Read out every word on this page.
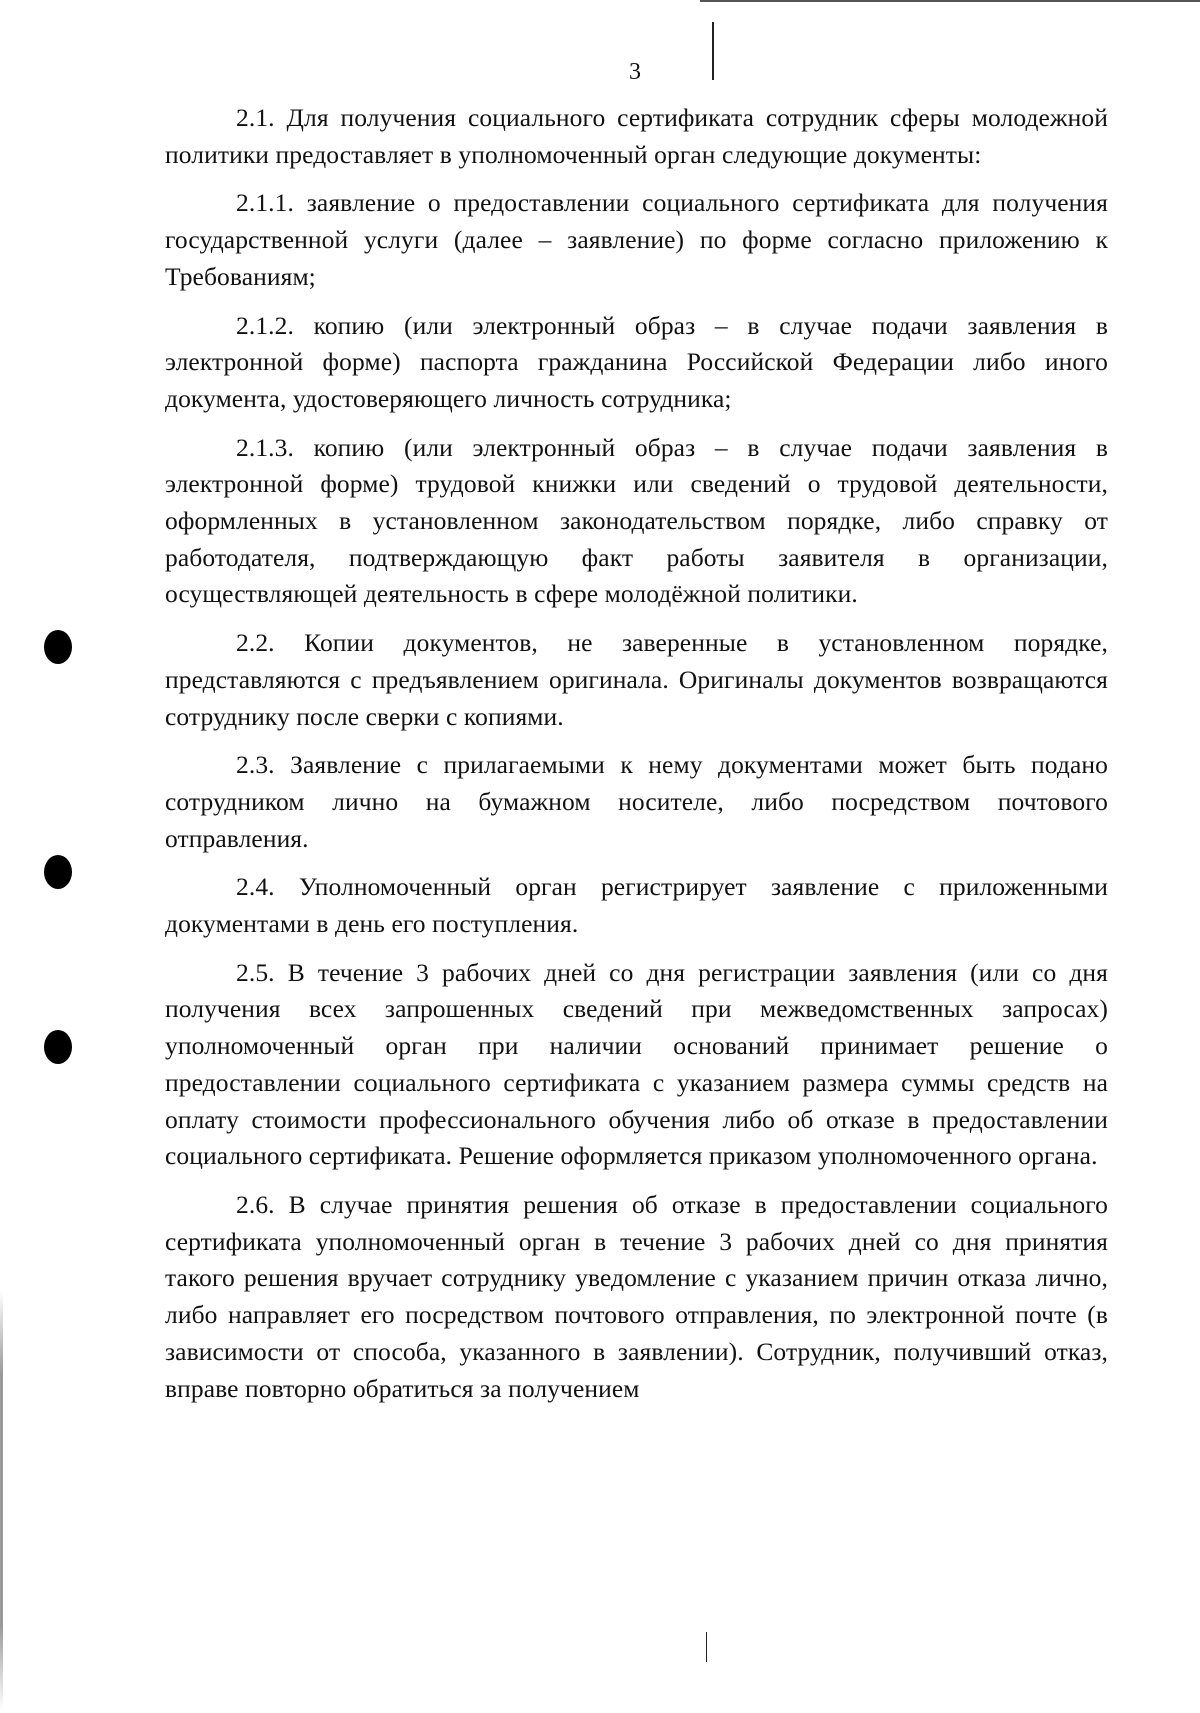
3

2.1. Для получения социального сертификата сотрудник сферы молодежной политики предоставляет в уполномоченный орган следующие документы:

2.1.1. заявление о предоставлении социального сертификата для получения государственной услуги (далее – заявление) по форме согласно приложению к Требованиям;

2.1.2. копию (или электронный образ – в случае подачи заявления в электронной форме) паспорта гражданина Российской Федерации либо иного документа, удостоверяющего личность сотрудника;

2.1.3. копию (или электронный образ – в случае подачи заявления в электронной форме) трудовой книжки или сведений о трудовой деятельности, оформленных в установленном законодательством порядке, либо справку от работодателя, подтверждающую факт работы заявителя в организации, осуществляющей деятельность в сфере молодёжной политики.

2.2. Копии документов, не заверенные в установленном порядке, представляются с предъявлением оригинала. Оригиналы документов возвращаются сотруднику после сверки с копиями.

2.3. Заявление с прилагаемыми к нему документами может быть подано сотрудником лично на бумажном носителе, либо посредством почтового отправления.

2.4. Уполномоченный орган регистрирует заявление с приложенными документами в день его поступления.

2.5. В течение 3 рабочих дней со дня регистрации заявления (или со дня получения всех запрошенных сведений при межведомственных запросах) уполномоченный орган при наличии оснований принимает решение о предоставлении социального сертификата с указанием размера суммы средств на оплату стоимости профессионального обучения либо об отказе в предоставлении социального сертификата. Решение оформляется приказом уполномоченного органа.

2.6. В случае принятия решения об отказе в предоставлении социального сертификата уполномоченный орган в течение 3 рабочих дней со дня принятия такого решения вручает сотруднику уведомление с указанием причин отказа лично, либо направляет его посредством почтового отправления, по электронной почте (в зависимости от способа, указанного в заявлении). Сотрудник, получивший отказ, вправе повторно обратиться за получением
